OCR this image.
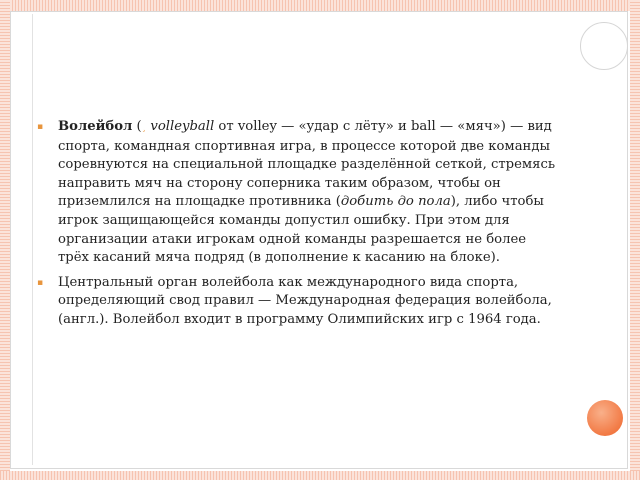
▪ Волейбол (¸ volleyball от volley — «удар с лёту» и ball — «мяч») — вид спорта, командная спортивная игра, в процессе которой две команды соревнуются на специальной площадке разделённой сеткой, стремясь направить мяч на сторону соперника таким образом, чтобы он приземлился на площадке противника (добить до пола), либо чтобы игрок защищающейся команды допустил ошибку. При этом для организации атаки игрокам одной команды разрешается не более трёх касаний мяча подряд (в дополнение к касанию на блоке).

▪ Центральный орган волейбола как международного вида спорта, определяющий свод правил — Международная федерация волейбола, (англ.). Волейбол входит в программу Олимпийских игр с 1964 года.
